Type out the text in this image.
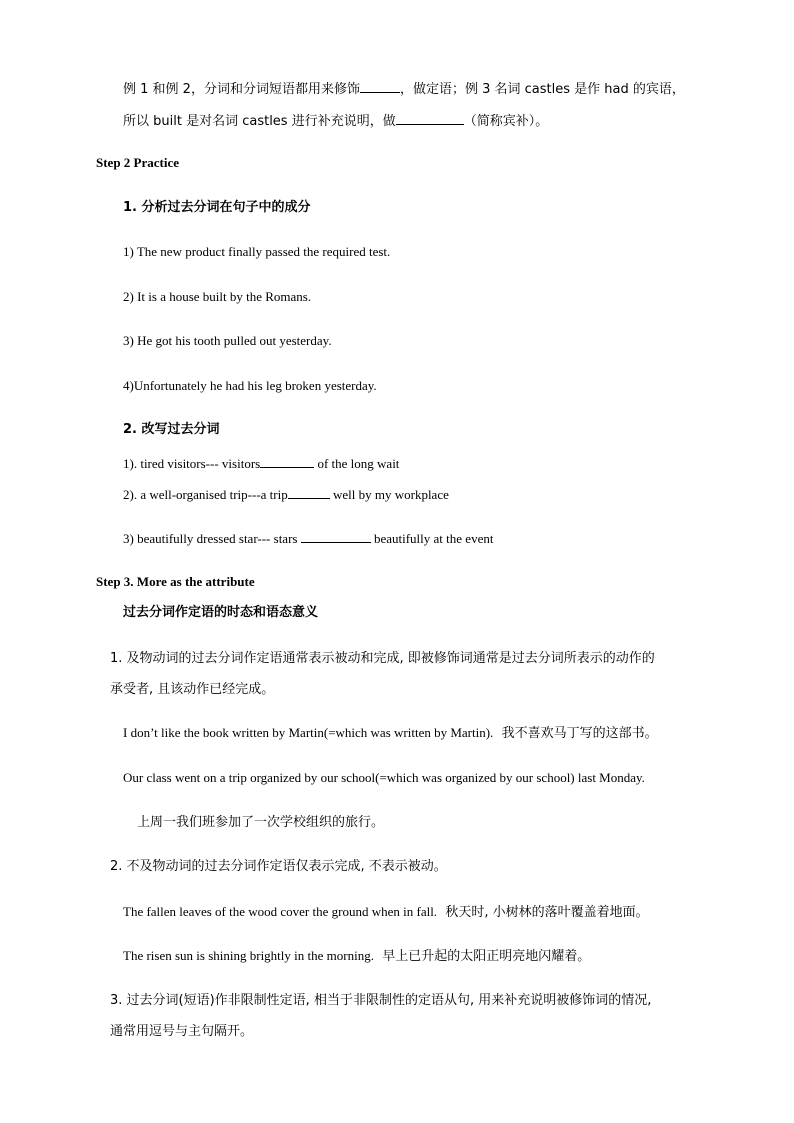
例 1 和例 2，分词和分词短语都用来修饰	，做定语；例 3 名词 castles 是作 had 的宾语，
所以 built 是对名词 castles 进行补充说明，做	（简称宾补）。
Step 2 Practice
1. 分析过去分词在句子中的成分
1) The new product finally passed the required test.
2) It is a house built by the Romans.
3) He got his tooth pulled out yesterday.
4)Unfortunately he had his leg broken yesterday.
2. 改写过去分词
1). tired visitors--- visitors	of the long wait
2). a well-organised trip---a trip	well by my workplace
3) beautifully dressed star--- stars	beautifully at the event
Step 3. More as the attribute
过去分词作定语的时态和语态意义
1. 及物动词的过去分词作定语通常表示被动和完成, 即被修饰词通常是过去分词所表示的动作的
承受者, 且该动作已经完成。
I don’t like the book written by Martin(=which was written by Martin). 我不喜欢马丁写的这部书。
Our class went on a trip organized by our school(=which was organized by our school) last Monday.
上周一我们班参加了一次学校组织的旅行。
2. 不及物动词的过去分词作定语仅表示完成, 不表示被动。
The fallen leaves of the wood cover the ground when in fall. 秋天时, 小树林的落叶覆盖着地面。
The risen sun is shining brightly in the morning. 早上已升起的太阳正明亮地闪耀着。
3. 过去分词(短语)作非限制性定语, 相当于非限制性的定语从句, 用来补充说明被修饰词的情况,
通常用逗号与主句隔开。
